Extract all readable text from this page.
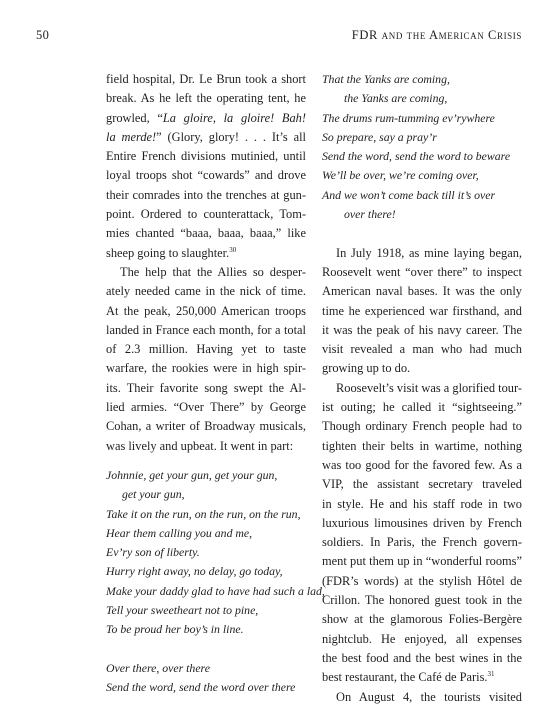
50	FDR and the American Crisis
field hospital, Dr. Le Brun took a short
break. As he left the operating tent, he
growled, “La gloire, la gloire! Bah!
la merde!” (Glory, glory! . . . It’s all
Entire French divisions mutinied, until
loyal troops shot “cowards” and drove
their comrades into the trenches at gun-
point. Ordered to counterattack, Tom-
mies chanted “baaa, baaa, baaa,” like
sheep going to slaughter.$^{30}$
The help that the Allies so desper-
ately needed came in the nick of time.
At the peak, 250,000 American troops
landed in France each month, for a total
of 2.3 million. Having yet to taste
warfare, the rookies were in high spir-
its. Their favorite song swept the Al-
lied armies. “Over There” by George
Cohan, a writer of Broadway musicals,
was lively and upbeat. It went in part:
Johnnie, get your gun, get your gun,
get your gun,
Take it on the run, on the run, on the run,
Hear them calling you and me,
Ev’ry son of liberty.
Hurry right away, no delay, go today,
Make your daddy glad to have had such a lad,
Tell your sweetheart not to pine,
To be proud her boy’s in line.
Over there, over there
Send the word, send the word over there
That the Yanks are coming,
the Yanks are coming,
The drums rum-tumming ev’rywhere
So prepare, say a pray’r
Send the word, send the word to beware
We’ll be over, we’re coming over,
And we won’t come back till it’s over
over there!
In July 1918, as mine laying began,
Roosevelt went “over there” to inspect
American naval bases. It was the only
time he experienced war firsthand, and
it was the peak of his navy career. The
visit revealed a man who had much
growing up to do.
Roosevelt’s visit was a glorified tour-
ist outing; he called it “sightseeing.”
Though ordinary French people had to
tighten their belts in wartime, nothing
was too good for the favored few. As a
VIP, the assistant secretary traveled
in style. He and his staff rode in two
luxurious limousines driven by French
soldiers. In Paris, the French govern-
ment put them up in “wonderful rooms”
(FDR’s words) at the stylish Hôtel de
Crillon. The honored guest took in the
show at the glamorous Folies-Bergère
nightclub. He enjoyed, all expenses
the best food and the best wines in the
best restaurant, the Café de Paris.$^{31}$
On August 4, the tourists visited
